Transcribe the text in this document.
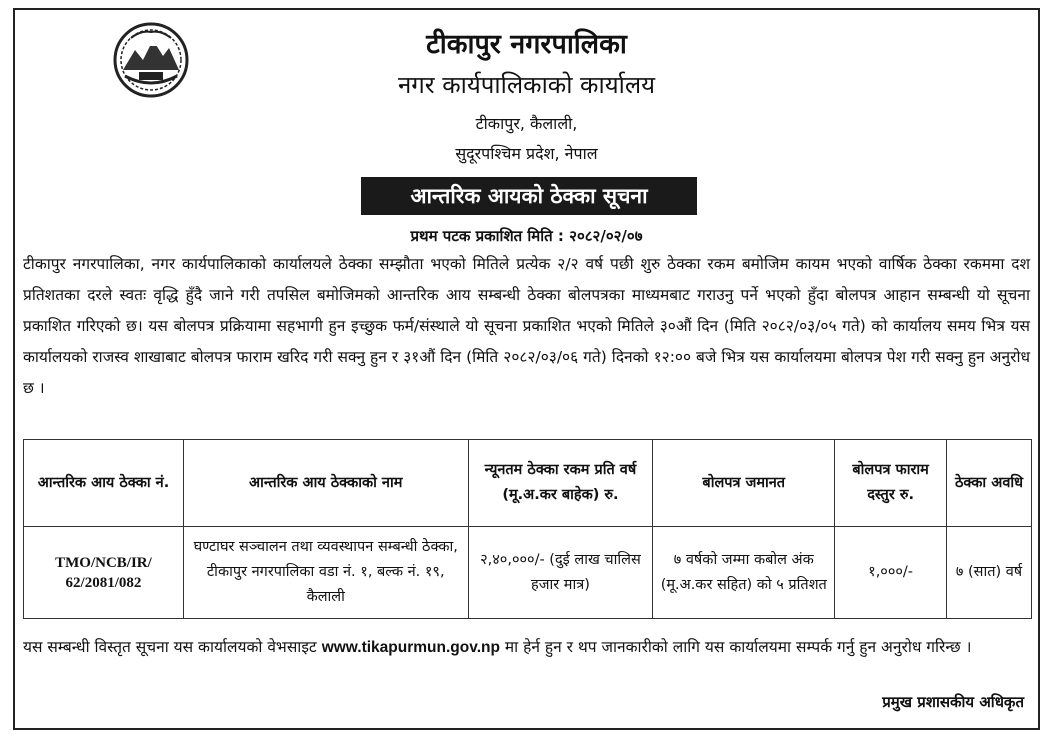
टीकापुर नगरपालिका
नगर कार्यपालिकाको कार्यालय
टीकापुर, कैलाली,
सुदूरपश्चिम प्रदेश, नेपाल
आन्तरिक आयको ठेक्का सूचना
प्रथम पटक प्रकाशित मिति : २०८२/०२/०७

टीकापुर नगरपालिका, नगर कार्यपालिकाको कार्यालयले ठेक्का सम्झौता भएको मितिले प्रत्येक २/२ वर्ष पछी शुरु ठेक्का रकम बमोजिम कायम भएको वार्षिक ठेक्का रकममा दश प्रतिशतका दरले स्वतः वृद्धि हुँदै जाने गरी तपसिल बमोजिमको आन्तरिक आय सम्बन्धी ठेक्का बोलपत्रका माध्यमबाट गराउनु पर्ने भएको हुँदा बोलपत्र आहान सम्बन्धी यो सूचना प्रकाशित गरिएको छ। यस बोलपत्र प्रक्रियामा सहभागी हुन इच्छुक फर्म/संस्थाले यो सूचना प्रकाशित भएको मितिले ३०औं दिन (मिति २०८२/०३/०५ गते) को कार्यालय समय भित्र यस कार्यालयको राजस्व शाखाबाट बोलपत्र फाराम खरिद गरी सक्नु हुन र ३१औं दिन (मिति २०८२/०३/०६ गते) दिनको १२:०० बजे भित्र यस कार्यालयमा बोलपत्र पेश गरी सक्नु हुन अनुरोध छ ।

आन्तरिक आय ठेक्का नं.	आन्तरिक आय ठेक्काको नाम	न्यूनतम ठेक्का रकम प्रति वर्ष (मू.अ.कर बाहेक) रु.	बोलपत्र जमानत	बोलपत्र फाराम दस्तुर रु.	ठेक्का अवधि
TMO/NCB/IR/ 62/2081/082	घण्टाघर सञ्चालन तथा व्यवस्थापन सम्बन्धी ठेक्का, टीकापुर नगरपालिका वडा नं. १, बल्क नं. १९, कैलाली	२,४०,०००/- (दुई लाख चालिस हजार मात्र)	७ वर्षको जम्मा कबोल अंक (मू.अ.कर सहित) को ५ प्रतिशत	१,०००/-	७ (सात) वर्ष

यस सम्बन्धी विस्तृत सूचना यस कार्यालयको वेभसाइट www.tikapurmun.gov.np मा हेर्न हुन र थप जानकारीको लागि यस कार्यालयमा सम्पर्क गर्नु हुन अनुरोध गरिन्छ ।

प्रमुख प्रशासकीय अधिकृत
